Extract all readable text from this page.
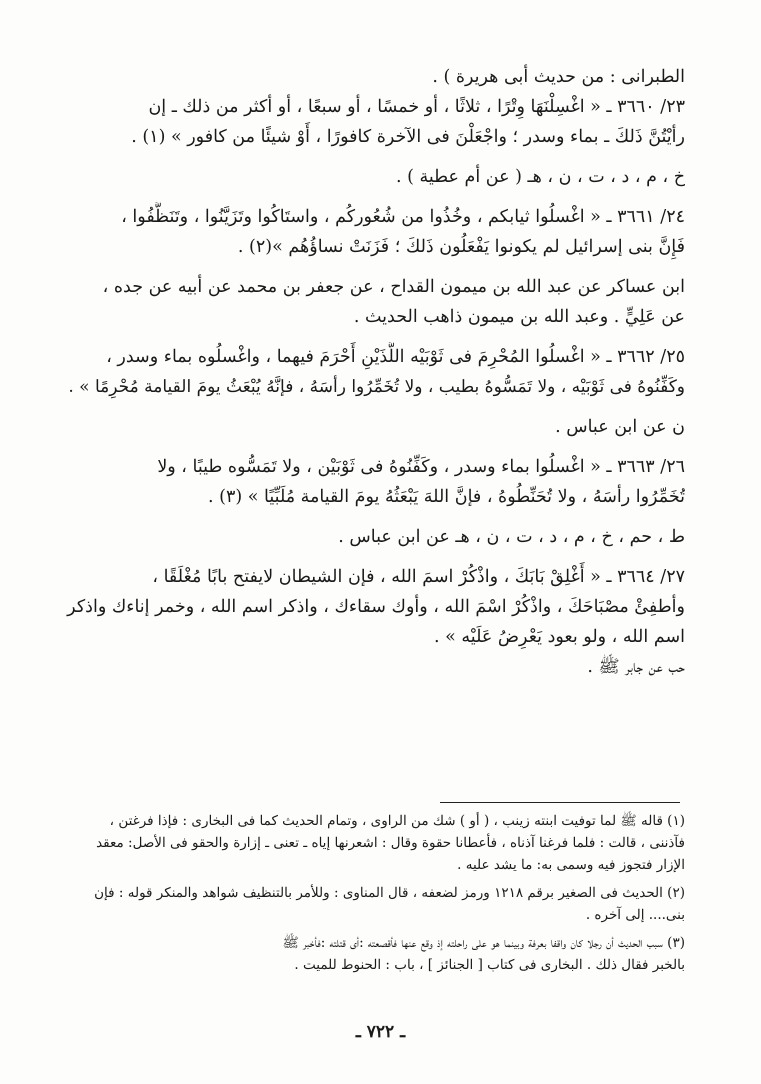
الطبرانى : من حديث أبى هريرة ) .
٢٣/ ٣٦٦٠ ـ « اغْسِلْنَهَا وِتْرًا ، ثلاثًا ، أو خمسًا ، أو سبعًا ، أو أكثر من ذلك ـ إن
رأيْتُنَّ ذَلكَ ـ بماء وسدر ؛ واجْعَلْنَ فى الآخرة كافورًا ، أَوْ شيئًا من كافور » (١) .
خ ، م ، د ، ت ، ن ، هـ ( عن أم عطية ) .
٢٤/ ٣٦٦١ ـ « اغْسلُوا ثيابكم ، وخُذُوا من شُعُوركُم ، واستَاكُوا وتَزَيَّنُوا ، وتَنَظَّفُوا ،
فَإِنَّ بنى إسرائيل لم يكونوا يَفْعَلُون ذَلكَ ؛ فَزَنَتْ نساؤُهُم »(٢) .
ابن عساكر عن عبد الله بن ميمون القداح ، عن جعفر بن محمد عن أبيه عن جده ،
عن عَلِيٍّ . وعبد الله بن ميمون ذاهب الحديث .
٢٥/ ٣٦٦٢ ـ « اغْسلُوا المُحْرِمَ فى ثَوْبَيْه اللَّذَيْنِ أَحْرَمَ فيهما ، واغْسلُوه بماء وسدر ،
وكَفِّنُوهُ فى ثَوْبَيْه ، ولا تَمَسُّوهُ بطيب ، ولا تُخَمِّرُوا رأسَهُ ، فإنَّهُ يُبْعَثُ يومَ القيامة مُحْرِمًا » .
ن عن ابن عباس .
٢٦/ ٣٦٦٣ ـ « اغْسلُوا بماء وسدر ، وكَفِّنُوهُ فى ثَوْبَيْن ، ولا تَمَسُّوه طيبًا ، ولا
تُخَمِّرُوا رأسَهُ ، ولا تُحَنِّطُوهُ ، فإنَّ اللهَ يَبْعَثُهُ يومَ القيامة مُلَبِّيًا » (٣) .
ط ، حم ، خ ، م ، د ، ت ، ن ، هـ عن ابن عباس .
٢٧/ ٣٦٦٤ ـ « أَغْلِقْ بَابَكَ ، واذْكُرْ اسمَ الله ، فإن الشيطان لايفتح بابًا مُغْلَقًا ،
وأطفِئْ مصْبَاحَكَ ، واذْكُرْ اسْمَ الله ، وأوك سقاءك ، واذكر اسم الله ، وخمر إناءك واذكر
اسم الله ، ولو بعود يَعْرِضُ عَلَيْه » .
حب عن جابر ﷺ .
(١) قاله ﷺ لما توفيت ابنته زينب ، ( أو ) شك من الراوى ، وتمام الحديث كما فى البخارى : فإذا فرغتن ،
فآذننى ، قالت : فلما فرغنا آذناه ، فأعطانا حقوة وقال : اشعرنها إياه ـ تعنى ـ إزارة والحقو فى الأصل: معقد
الإزار فتجوز فيه وسمى به: ما يشد عليه .
(٢) الحديث فى الصغير برقم ١٢١٨ ورمز لضعفه ، قال المناوى : وللأمر بالتنظيف شواهد والمنكر قوله : فإن
بنى.... إلى آخره .
(٣) سبب الحديث أن رجلا كان واقفا بعرفة وبينما هو على راحلته إذ وقع عنها فأقصعته :أى قتلته :فأخبر ﷺ
بالخبر فقال ذلك . البخارى فى كتاب [ الجنائز ] ، باب : الحنوط للميت .
ـ ٧٢٢ ـ
